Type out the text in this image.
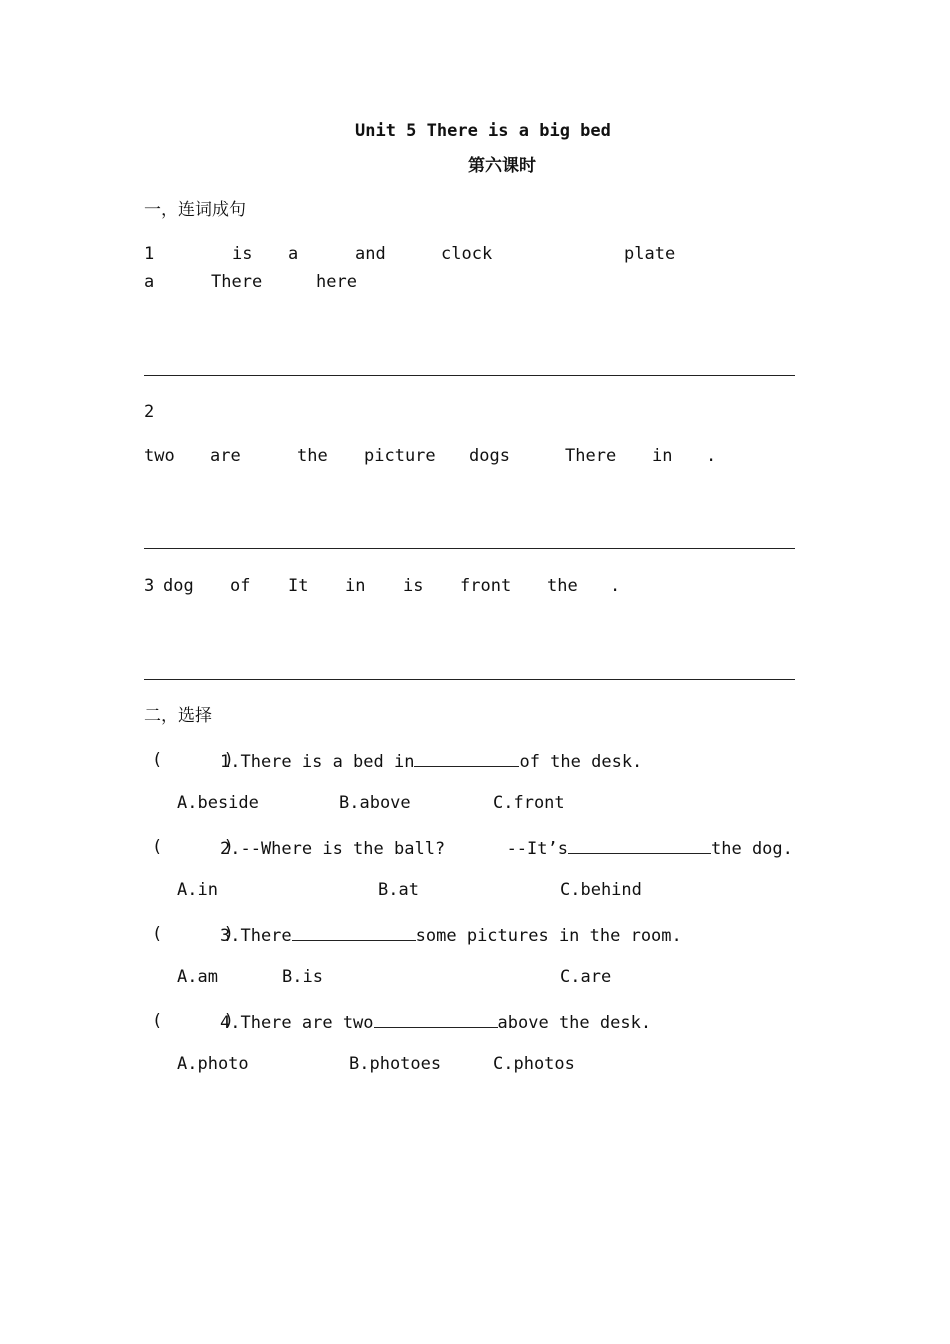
Unit 5 There is a big bed
第六课时
一，连词成句
1	is a	and	clock	plate
a	There	here
2
two are	the picture dogs	There in .
3 dog of It in is front the .
二，选择
(      )
1.There is a bed in	of the desk.
A.beside	B.above	C.front
(      )
2.--Where is the ball?      --It’s	the dog.
A.in	B.at	C.behind
(      )
3.There	some pictures in the room.
A.am	B.is	C.are
(      )
4.There are two	above the desk.
A.photo	B.photoes	C.photos
